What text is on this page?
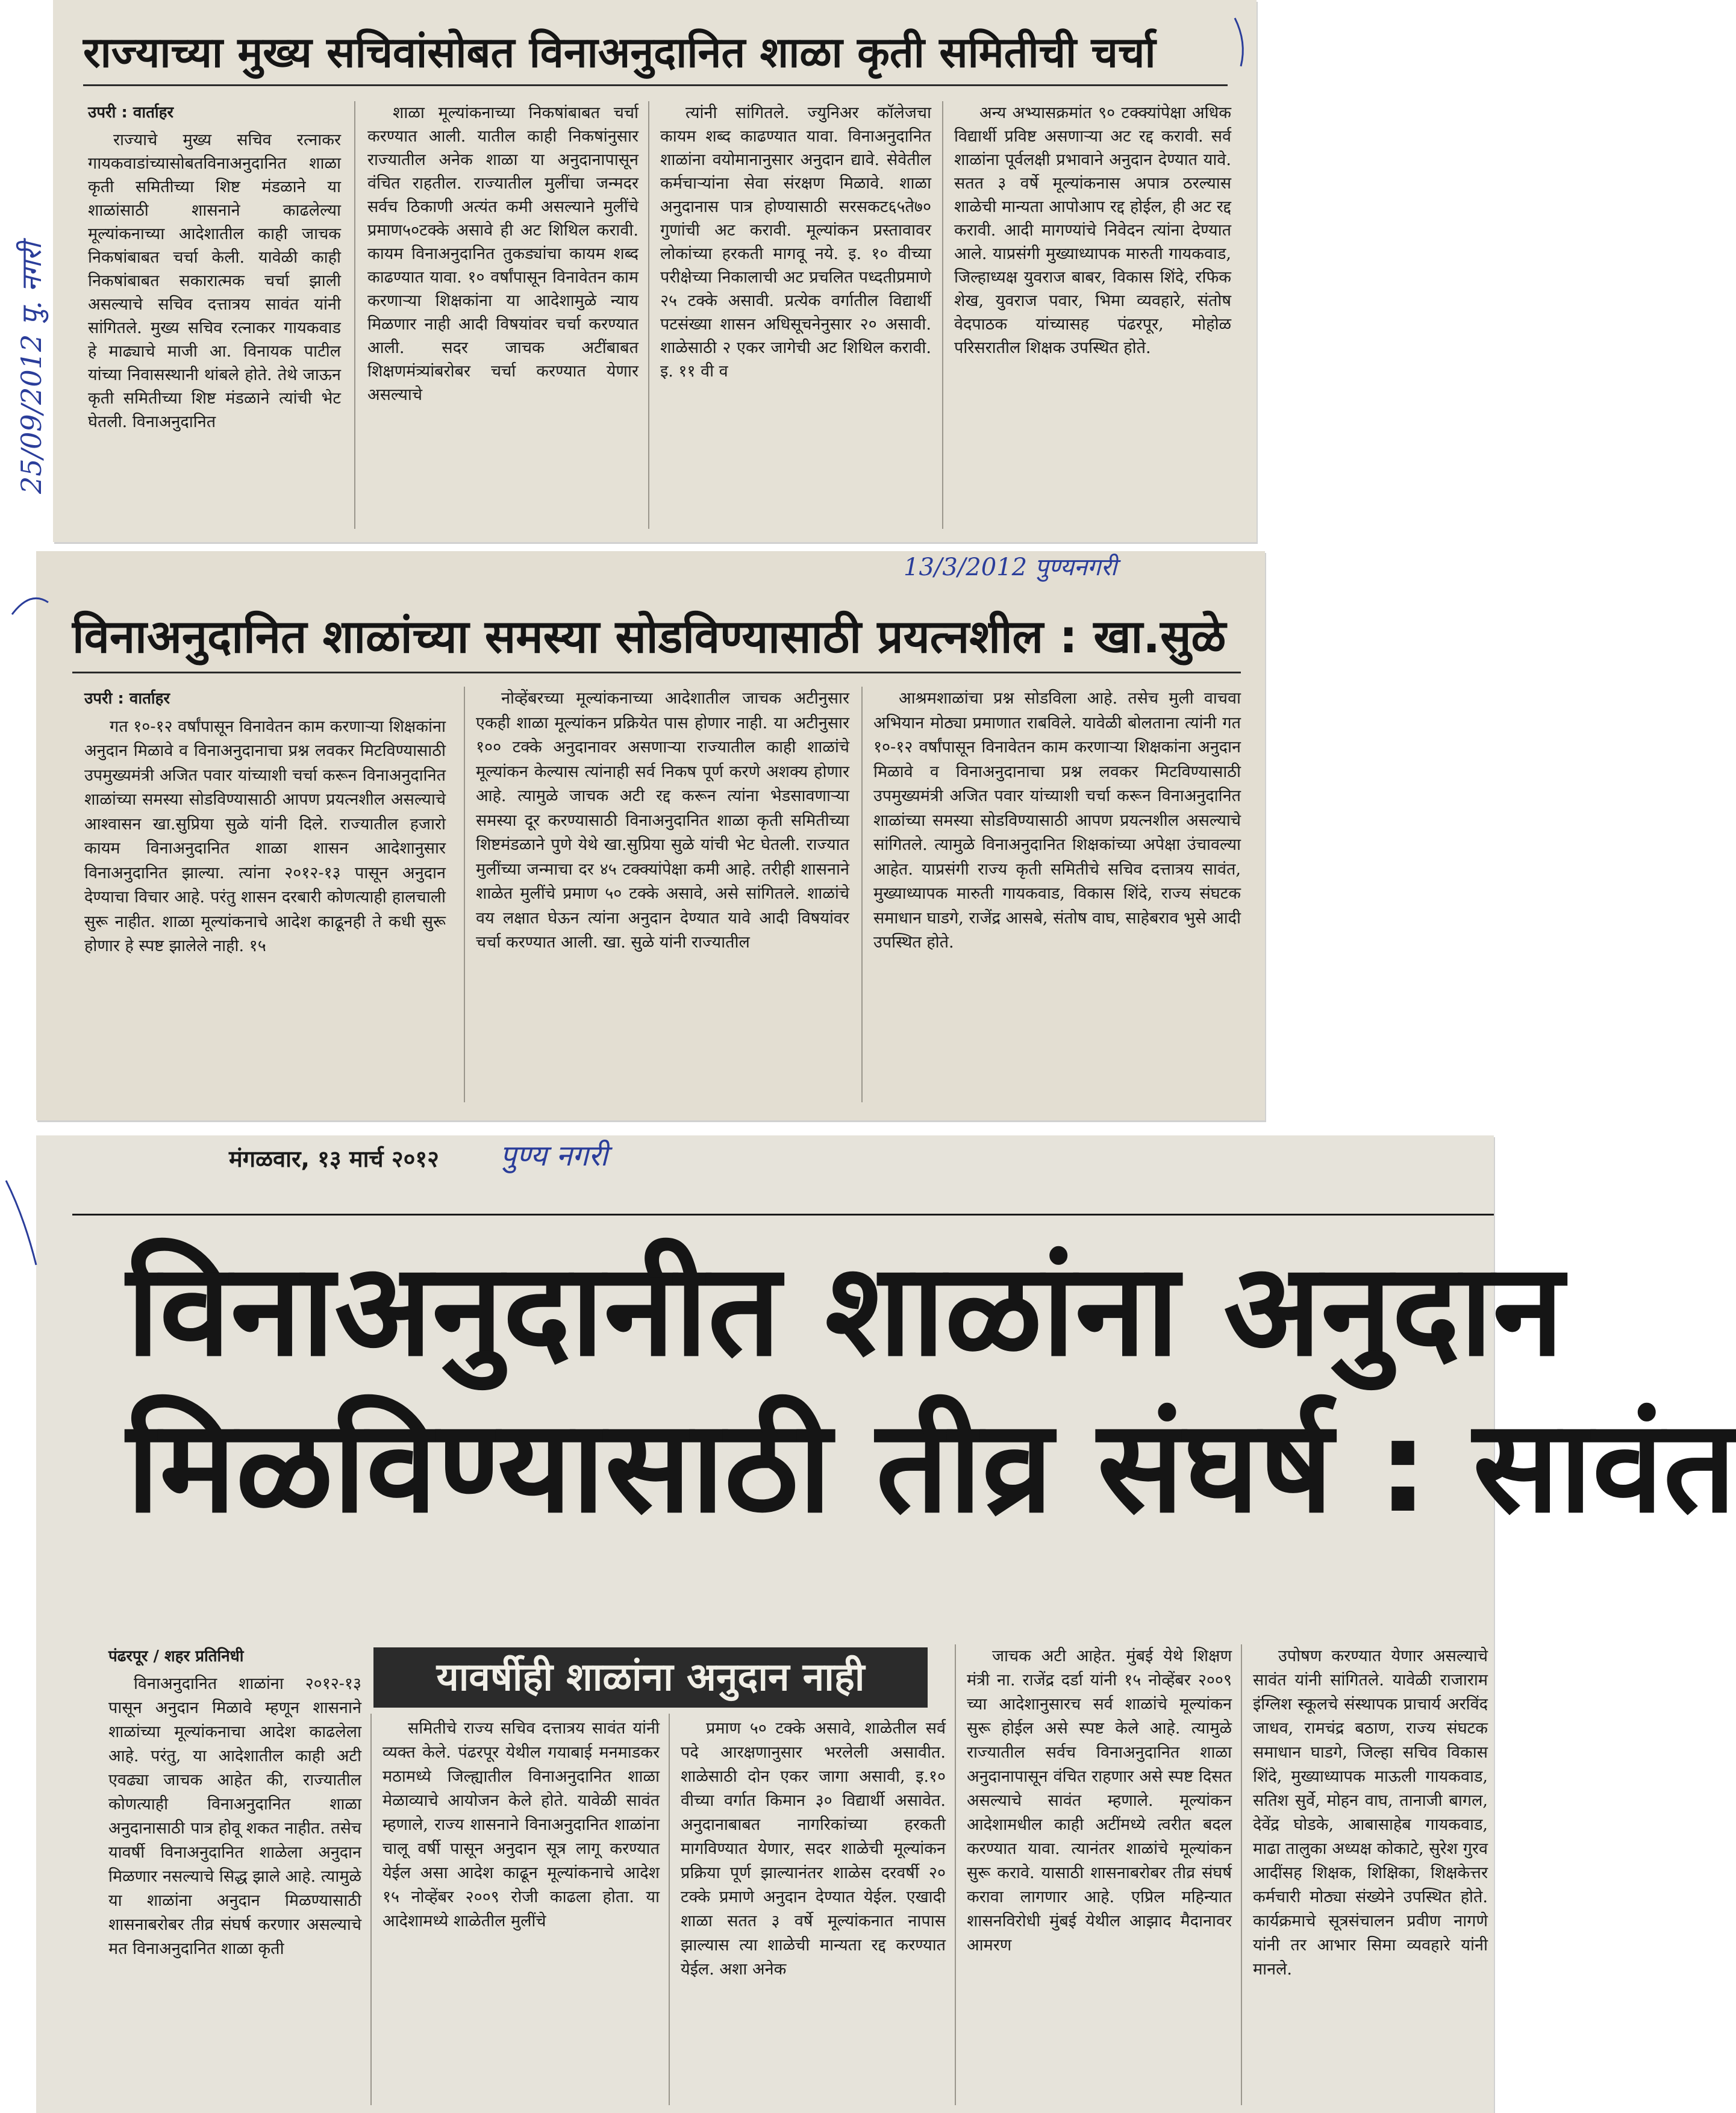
राज्याच्या मुख्य सचिवांसोबत विनाअनुदानित शाळा कृती समितीची चर्चा
उपरी : वार्ताहर

राज्याचे मुख्य सचिव रत्नाकर गायकवाडांच्यासोबतविनाअनुदानित शाळा कृती समितीच्या शिष्ट मंडळाने या शाळांसाठी शासनाने काढलेल्या मूल्यांकनाच्या आदेशातील काही जाचक निकषांबाबत चर्चा केली. यावेळी काही निकषांबाबत सकारात्मक चर्चा झाली असल्याचे सचिव दत्तात्रय सावंत यांनी सांगितले. मुख्य सचिव रत्नाकर गायकवाड हे माढ्याचे माजी आ. विनायक पाटील यांच्या निवासस्थानी थांबले होते. तेथे जाऊन कृती समितीच्या शिष्ट मंडळाने त्यांची भेट घेतली. विनाअनुदानित

शाळा मूल्यांकनाच्या निकषांबाबत चर्चा करण्यात आली. यातील काही निकषांनुसार राज्यातील अनेक शाळा या अनुदानापासून वंचित राहतील. राज्यातील मुलींचा जन्मदर सर्वच ठिकाणी अत्यंत कमी असल्याने मुलींचे प्रमाण५०टक्के असावे ही अट शिथिल करावी. कायम विनाअनुदानित तुकड्यांचा कायम शब्द काढण्यात यावा. १० वर्षांपासून विनावेतन काम करणाऱ्या शिक्षकांना या आदेशामुळे न्याय मिळणार नाही आदी विषयांवर चर्चा करण्यात आली. सदर जाचक अटींबाबत शिक्षणमंत्र्यांबरोबर चर्चा करण्यात येणार असल्याचे

त्यांनी सांगितले. ज्युनिअर कॉलेजचा कायम शब्द काढण्यात यावा. विनाअनुदानित शाळांना वयोमानानुसार अनुदान द्यावे. सेवेतील कर्मचाऱ्यांना सेवा संरक्षण मिळावे. शाळा अनुदानास पात्र होण्यासाठी सरसकट६५ते७० गुणांची अट करावी. मूल्यांकन प्रस्तावावर लोकांच्या हरकती मागवू नये. इ. १० वीच्या परीक्षेच्या निकालाची अट प्रचलित पध्दतीप्रमाणे २५ टक्के असावी. प्रत्येक वर्गातील विद्यार्थी पटसंख्या शासन अधिसूचनेनुसार २० असावी. शाळेसाठी २ एकर जागेची अट शिथिल करावी. इ. ११ वी व

अन्य अभ्यासक्रमांत ९० टक्क्यांपेक्षा अधिक विद्यार्थी प्रविष्ट असणाऱ्या अट रद्द करावी. सर्व शाळांना पूर्वलक्षी प्रभावाने अनुदान देण्यात यावे. सतत ३ वर्षे मूल्यांकनास अपात्र ठरल्यास शाळेची मान्यता आपोआप रद्द होईल, ही अट रद्द करावी. आदी मागण्यांचे निवेदन त्यांना देण्यात आले. याप्रसंगी मुख्याध्यापक मारुती गायकवाड, जिल्हाध्यक्ष युवराज बाबर, विकास शिंदे, रफिक शेख, युवराज पवार, भिमा व्यवहारे, संतोष वेदपाठक यांच्यासह पंढरपूर, मोहोळ परिसरातील शिक्षक उपस्थित होते.

25/09/2012 पु. नगरी
विनाअनुदानित शाळांच्या समस्या सोडविण्यासाठी प्रयत्नशील : खा.सुळे
उपरी : वार्ताहर

गत १०-१२ वर्षांपासून विनावेतन काम करणाऱ्या शिक्षकांना अनुदान मिळावे व विनाअनुदानाचा प्रश्न लवकर मिटविण्यासाठी उपमुख्यमंत्री अजित पवार यांच्याशी चर्चा करून विनाअनुदानित शाळांच्या समस्या सोडविण्यासाठी आपण प्रयत्नशील असल्याचे आश्वासन खा.सुप्रिया सुळे यांनी दिले. राज्यातील हजारो कायम विनाअनुदानित शाळा शासन आदेशानुसार विनाअनुदानित झाल्या. त्यांना २०१२-१३ पासून अनुदान देण्याचा विचार आहे. परंतु शासन दरबारी कोणत्याही हालचाली सुरू नाहीत. शाळा मूल्यांकनाचे आदेश काढूनही ते कधी सुरू होणार हे स्पष्ट झालेले नाही. १५

नोव्हेंबरच्या मूल्यांकनाच्या आदेशातील जाचक अटीनुसार एकही शाळा मूल्यांकन प्रक्रियेत पास होणार नाही. या अटीनुसार १०० टक्के अनुदानावर असणाऱ्या राज्यातील काही शाळांचे मूल्यांकन केल्यास त्यांनाही सर्व निकष पूर्ण करणे अशक्य होणार आहे. त्यामुळे जाचक अटी रद्द करून त्यांना भेडसावणाऱ्या समस्या दूर करण्यासाठी विनाअनुदानित शाळा कृती समितीच्या शिष्टमंडळाने पुणे येथे खा.सुप्रिया सुळे यांची भेट घेतली. राज्यात मुलींच्या जन्माचा दर ४५ टक्क्यांपेक्षा कमी आहे. तरीही शासनाने शाळेत मुलींचे प्रमाण ५० टक्के असावे, असे सांगितले. शाळांचे वय लक्षात घेऊन त्यांना अनुदान देण्यात यावे आदी विषयांवर चर्चा करण्यात आली. खा. सुळे यांनी राज्यातील

आश्रमशाळांचा प्रश्न सोडविला आहे. तसेच मुली वाचवा अभियान मोठ्या प्रमाणात राबविले. यावेळी बोलताना त्यांनी गत १०-१२ वर्षांपासून विनावेतन काम करणाऱ्या शिक्षकांना अनुदान मिळावे व विनाअनुदानाचा प्रश्न लवकर मिटविण्यासाठी उपमुख्यमंत्री अजित पवार यांच्याशी चर्चा करून विनाअनुदानित शाळांच्या समस्या सोडविण्यासाठी आपण प्रयत्नशील असल्याचे सांगितले. त्यामुळे विनाअनुदानित शिक्षकांच्या अपेक्षा उंचावल्या आहेत. याप्रसंगी राज्य कृती समितीचे सचिव दत्तात्रय सावंत, मुख्याध्यापक मारुती गायकवाड, विकास शिंदे, राज्य संघटक समाधान घाडगे, राजेंद्र आसबे, संतोष वाघ, साहेबराव भुसे आदी उपस्थित होते.

13/3/2012 पुण्यनगरी
मंगळवार, १३ मार्च २०१२ पुण्य नगरी
विनाअनुदानीत शाळांना अनुदान
मिळविण्यासाठी तीव्र संघर्ष : सावंत
यावर्षीही शाळांना अनुदान नाही
पंढरपूर / शहर प्रतिनिधी

विनाअनुदानित शाळांना २०१२-१३ पासून अनुदान मिळावे म्हणून शासनाने शाळांच्या मूल्यांकनाचा आदेश काढलेला आहे. परंतु, या आदेशातील काही अटी एवढ्या जाचक आहेत की, राज्यातील कोणत्याही विनाअनुदानित शाळा अनुदानासाठी पात्र होवू शकत नाहीत. तसेच यावर्षी विनाअनुदानित शाळेला अनुदान मिळणार नसल्याचे सिद्ध झाले आहे. त्यामुळे या शाळांना अनुदान मिळण्यासाठी शासनाबरोबर तीव्र संघर्ष करणार असल्याचे मत विनाअनुदानित शाळा कृती

समितीचे राज्य सचिव दत्तात्रय सावंत यांनी व्यक्त केले. पंढरपूर येथील गयाबाई मनमाडकर मठामध्ये जिल्ह्यातील विनाअनुदानित शाळा मेळाव्याचे आयोजन केले होते. यावेळी सावंत म्हणाले, राज्य शासनाने विनाअनुदानित शाळांना चालू वर्षी पासून अनुदान सूत्र लागू करण्यात येईल असा आदेश काढून मूल्यांकनाचे आदेश १५ नोव्हेंबर २००९ रोजी काढला होता. या आदेशामध्ये शाळेतील मुलींचे

प्रमाण ५० टक्के असावे, शाळेतील सर्व पदे आरक्षणानुसार भरलेली असावीत. शाळेसाठी दोन एकर जागा असावी, इ.१० वीच्या वर्गात किमान ३० विद्यार्थी असावेत. अनुदानाबाबत नागरिकांच्या हरकती मागविण्यात येणार, सदर शाळेची मूल्यांकन प्रक्रिया पूर्ण झाल्यानंतर शाळेस दरवर्षी २० टक्के प्रमाणे अनुदान देण्यात येईल. एखादी शाळा सतत ३ वर्षे मूल्यांकनात नापास झाल्यास त्या शाळेची मान्यता रद्द करण्यात येईल. अशा अनेक

जाचक अटी आहेत. मुंबई येथे शिक्षण मंत्री ना. राजेंद्र दर्डा यांनी १५ नोव्हेंबर २००९ च्या आदेशानुसारच सर्व शाळांचे मूल्यांकन सुरू होईल असे स्पष्ट केले आहे. त्यामुळे राज्यातील सर्वच विनाअनुदानित शाळा अनुदानापासून वंचित राहणार असे स्पष्ट दिसत असल्याचे सावंत म्हणाले. मूल्यांकन आदेशामधील काही अटींमध्ये त्वरीत बदल करण्यात यावा. त्यानंतर शाळांचे मूल्यांकन सुरू करावे. यासाठी शासनाबरोबर तीव्र संघर्ष करावा लागणार आहे. एप्रिल महिन्यात शासनविरोधी मुंबई येथील आझाद मैदानावर आमरण

उपोषण करण्यात येणार असल्याचे सावंत यांनी सांगितले. यावेळी राजाराम इंग्लिश स्कूलचे संस्थापक प्राचार्य अरविंद जाधव, रामचंद्र बठाण, राज्य संघटक समाधान घाडगे, जिल्हा सचिव विकास शिंदे, मुख्याध्यापक माऊली गायकवाड, सतिश सुर्वे, मोहन वाघ, तानाजी बागल, देवेंद्र घोडके, आबासाहेब गायकवाड, माढा तालुका अध्यक्ष कोकाटे, सुरेश गुरव आदींसह शिक्षक, शिक्षिका, शिक्षकेत्तर कर्मचारी मोठ्या संख्येने उपस्थित होते. कार्यक्रमाचे सूत्रसंचालन प्रवीण नागणे यांनी तर आभार सिमा व्यवहारे यांनी मानले.
